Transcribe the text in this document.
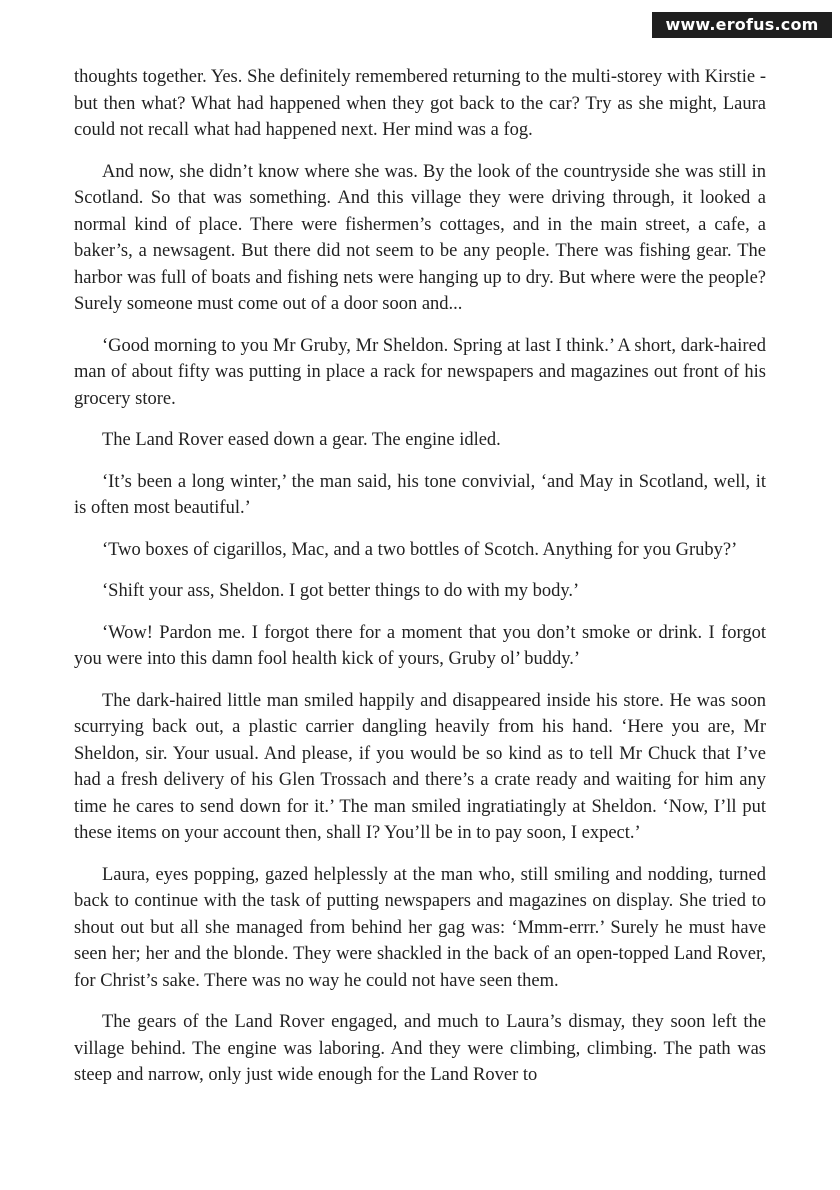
www.erofus.com

thoughts together. Yes. She definitely remembered returning to the multi-storey with Kirstie - but then what? What had happened when they got back to the car? Try as she might, Laura could not recall what had happened next. Her mind was a fog.

And now, she didn’t know where she was. By the look of the countryside she was still in Scotland. So that was something. And this village they were driving through, it looked a normal kind of place. There were fishermen’s cottages, and in the main street, a cafe, a baker’s, a newsagent. But there did not seem to be any people. There was fishing gear. The harbor was full of boats and fishing nets were hanging up to dry. But where were the people? Surely someone must come out of a door soon and...

‘Good morning to you Mr Gruby, Mr Sheldon. Spring at last I think.’ A short, dark-haired man of about fifty was putting in place a rack for newspapers and magazines out front of his grocery store.

The Land Rover eased down a gear. The engine idled.

‘It’s been a long winter,’ the man said, his tone convivial, ‘and May in Scotland, well, it is often most beautiful.’

‘Two boxes of cigarillos, Mac, and a two bottles of Scotch. Anything for you Gruby?’

‘Shift your ass, Sheldon. I got better things to do with my body.’

‘Wow! Pardon me. I forgot there for a moment that you don’t smoke or drink. I forgot you were into this damn fool health kick of yours, Gruby ol’ buddy.’

The dark-haired little man smiled happily and disappeared inside his store. He was soon scurrying back out, a plastic carrier dangling heavily from his hand. ‘Here you are, Mr Sheldon, sir. Your usual. And please, if you would be so kind as to tell Mr Chuck that I’ve had a fresh delivery of his Glen Trossach and there’s a crate ready and waiting for him any time he cares to send down for it.’ The man smiled ingratiatingly at Sheldon. ‘Now, I’ll put these items on your account then, shall I? You’ll be in to pay soon, I expect.’

Laura, eyes popping, gazed helplessly at the man who, still smiling and nodding, turned back to continue with the task of putting newspapers and magazines on display. She tried to shout out but all she managed from behind her gag was: ‘Mmm-errr.’ Surely he must have seen her; her and the blonde. They were shackled in the back of an open-topped Land Rover, for Christ’s sake. There was no way he could not have seen them.

The gears of the Land Rover engaged, and much to Laura’s dismay, they soon left the village behind. The engine was laboring. And they were climbing, climbing. The path was steep and narrow, only just wide enough for the Land Rover to
